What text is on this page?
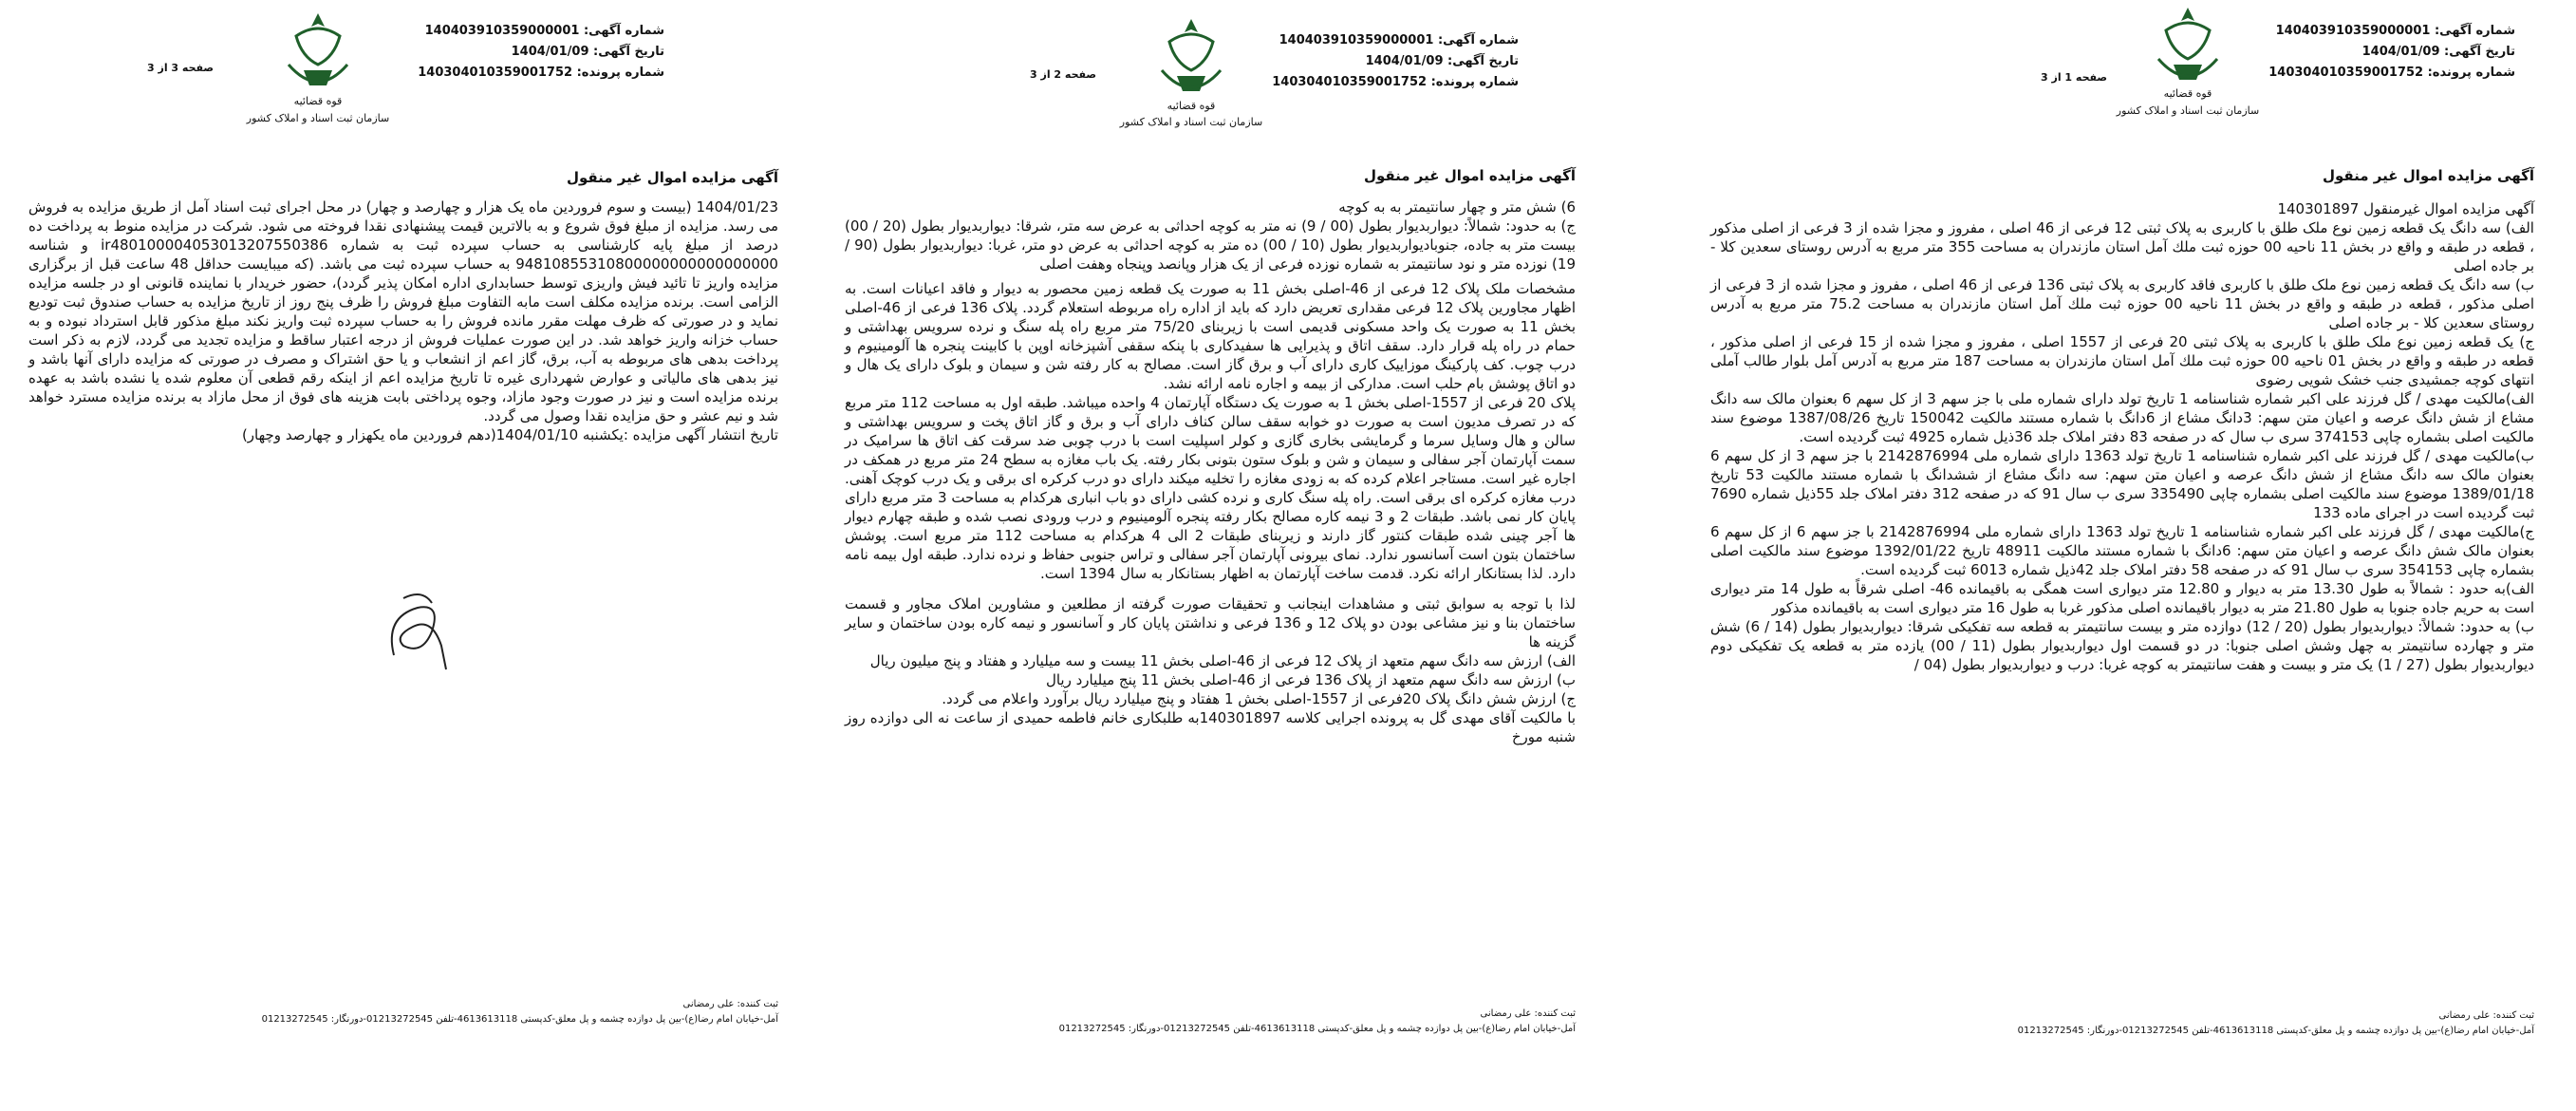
سازمان ثبت اسناد و املاک کشور
قوه قضائیه
شماره آگهی: 140403910359000001
تاریخ آگهی: 1404/01/09
شماره پرونده: 140304010359001752
صفحه 3 از 3
آگهی مزایده اموال غیر منقول

1404/01/23 (بیست و سوم فروردین ماه یک هزار و چهارصد و چهار) در محل اجرای ثبت اسناد آمل از طریق مزایده به فروش می رسد. مزایده از مبلغ فوق شروع و به بالاترین قیمت پیشنهادی نقدا فروخته می شود. شرکت در مزایده منوط به پرداخت ده درصد از مبلغ پایه کارشناسی به حساب سپرده ثبت به شماره ir480100004053013207550386 و شناسه 94810855310800000000000000000 به حساب سپرده ثبت می باشد. (که میبایست حداقل 48 ساعت قبل از برگزاری مزایده واریز تا تائید فیش واریزی توسط حسابداری اداره امکان پذیر گردد)، حضور خریدار با نماینده قانونی او در جلسه مزایده الزامی است. برنده مزایده مکلف است مابه التفاوت مبلغ فروش را ظرف پنج روز از تاریخ مزایده به حساب صندوق ثبت تودیع نماید و در صورتی که ظرف مهلت مقرر مانده فروش را به حساب سپرده ثبت واریز نکند مبلغ مذکور قابل استرداد نبوده و به حساب خزانه واریز خواهد شد. در این صورت عملیات فروش از درجه اعتبار ساقط و مزایده تجدید می گردد، لازم به ذکر است پرداخت بدهی های مربوطه به آب، برق، گاز اعم از انشعاب و یا حق اشتراک و مصرف در صورتی که مزایده دارای آنها باشد و نیز بدهی های مالیاتی و عوارض شهرداری غیره تا تاریخ مزایده اعم از اینکه رقم قطعی آن معلوم شده یا نشده باشد به عهده برنده مزایده است و نیز در صورت وجود مازاد، وجوه پرداختی بابت هزینه های فوق از محل مازاد به برنده مزایده مسترد خواهد شد و نیم عشر و حق مزایده نقدا وصول می گردد.

تاریخ انتشار آگهی مزایده :یکشنبه 1404/01/10(دهم فروردین ماه یکهزار و چهارصد وچهار)

ثبت کننده: علی رمضانی
آمل-خیابان امام رضا(ع)-بین پل دوازده چشمه و پل معلق-کدپستی 4613613118-تلفن 01213272545-دورنگار: 01213272545
قوه قضائیه
سازمان ثبت اسناد و املاک کشور
شماره آگهی: 140403910359000001
تاریخ آگهی: 1404/01/09
شماره پرونده: 140304010359001752
صفحه 2 از 3
آگهی مزایده اموال غیر منقول

6) شش متر و چهار سانتیمتر به به کوچه

ج) به حدود: شمالاً: دیواربدیوار بطول (00 / 9) نه متر به کوچه احداثی به عرض سه متر، شرقا: دیواربدیوار بطول (20 / 00) بیست متر به جاده، جنوبادیواربدیوار بطول (10 / 00) ده متر به کوچه احداثی به عرض دو متر، غربا: دیواربدیوار بطول (90 / 19) نوزده متر و نود سانتیمتر به شماره نوزده فرعی از یک هزار وپانصد وپنجاه وهفت اصلی

مشخصات ملک پلاک 12 فرعی از 46-اصلی بخش 11 به صورت یک قطعه زمین محصور به دیوار و فاقد اعیانات است. به اظهار مجاورین پلاک 12 فرعی مقداری تعریض دارد که باید از اداره راه مربوطه استعلام گردد. پلاک 136 فرعی از 46-اصلی بخش 11 به صورت یک واحد مسکونی قدیمی است با زیربنای 75/20 متر مربع راه پله سنگ و نرده سرویس بهداشتی و حمام در راه پله قرار دارد. سقف اتاق و پذیرایی ها سفیدکاری با پنکه سقفی آشپزخانه اوپن با کابینت پنجره ها آلومینیوم و درب چوب. کف پارکینگ موزاییک کاری دارای آب و برق گاز است. مصالح به کار رفته شن و سیمان و بلوک دارای یک هال و دو اتاق پوشش بام حلب است. مدارکی از بیمه و اجاره نامه ارائه نشد.

پلاک 20 فرعی از 1557-اصلی بخش 1 به صورت یک دستگاه آپارتمان 4 واحده میباشد. طبقه اول به مساحت 112 متر مربع که در تصرف مدیون است به صورت دو خوابه سقف سالن کناف دارای آب و برق و گاز اتاق پخت و سرویس بهداشتی و سالن و هال وسایل سرما و گرمایشی بخاری گازی و کولر اسپلیت است با درب چوبی ضد سرقت کف اتاق ها سرامیک در سمت آپارتمان آجر سفالی و سیمان و شن و بلوک ستون بتونی بکار رفته. یک باب مغازه به سطح 24 متر مربع در همکف در اجاره غیر است. مستاجر اعلام کرده که به زودی مغازه را تخلیه میکند دارای دو درب کرکره ای برقی و یک درب کوچک آهنی. درب مغازه کرکره ای برقی است. راه پله سنگ کاری و نرده کشی دارای دو باب انباری هرکدام به مساحت 3 متر مربع دارای پایان کار نمی باشد. طبقات 2 و 3 نیمه کاره مصالح بکار رفته پنجره آلومینیوم و درب ورودی نصب شده و طبقه چهارم دیوار ها آجر چینی شده طبقات کنتور گاز دارند و زیربنای طبقات 2 الی 4 هرکدام به مساحت 112 متر مربع است. پوشش ساختمان بتون است آسانسور ندارد. نمای بیرونی آپارتمان آجر سفالی و تراس جنوبی حفاظ و نرده ندارد. طبقه اول بیمه نامه دارد. لذا بستانکار ارائه نکرد. قدمت ساخت آپارتمان به اظهار بستانکار به سال 1394 است.

لذا با توجه به سوابق ثبتی و مشاهدات اینجانب و تحقیقات صورت گرفته از مطلعین و مشاورین املاک مجاور و قسمت ساختمان بنا و نیز مشاعی بودن دو پلاک 12 و 136 فرعی و نداشتن پایان کار و آسانسور و نیمه کاره بودن ساختمان و سایر گزینه ها

الف) ارزش سه دانگ سهم متعهد از پلاک 12 فرعی از 46-اصلی بخش 11 بیست و سه میلیارد و هفتاد و پنج میلیون ریال

ب) ارزش سه دانگ سهم متعهد از پلاک 136 فرعی از 46-اصلی بخش 11 پنج میلیارد ریال

ج) ارزش شش دانگ پلاک 20فرعی از 1557-اصلی بخش 1 هفتاد و پنج میلیارد ریال برآورد واعلام می گردد.

با مالکیت آقای مهدی گل به پرونده اجرایی کلاسه 140301897به طلبکاری خانم فاطمه حمیدی از ساعت نه الی دوازده روز شنبه مورخ

ثبت کننده: علی رمضانی
آمل-خیابان امام رضا(ع)-بین پل دوازده چشمه و پل معلق-کدپستی 4613613118-تلفن 01213272545-دورنگار: 01213272545
قوه قضائیه
سازمان ثبت اسناد و املاک کشور
شماره آگهی: 140403910359000001
تاریخ آگهی: 1404/01/09
شماره پرونده: 140304010359001752
صفحه 1 از 3
آگهی مزایده اموال غیر منقول

آگهی مزایده اموال غیرمنقول 140301897

الف) سه دانگ یک قطعه زمین نوع ملک طلق با کاربری به پلاک ثبتی 12 فرعی از 46 اصلی ، مفروز و مجزا شده از 3 فرعی از اصلی مذکور ، قطعه در طبقه و واقع در بخش 11 ناحیه 00 حوزه ثبت ملك آمل استان مازندران به مساحت 355 متر مربع به آدرس روستای سعدین کلا - بر جاده اصلی

ب) سه دانگ یک قطعه زمین نوع ملک طلق با کاربری فاقد کاربری به پلاک ثبتی 136 فرعی از 46 اصلی ، مفروز و مجزا شده از 3 فرعی از اصلی مذکور ، قطعه در طبقه و واقع در بخش 11 ناحیه 00 حوزه ثبت ملك آمل استان مازندران به مساحت 75.2 متر مربع به آدرس روستای سعدین کلا - بر جاده اصلی

ج) یک قطعه زمین نوع ملک طلق با کاربری به پلاک ثبتی 20 فرعی از 1557 اصلی ، مفروز و مجزا شده از 15 فرعی از اصلی مذکور ، قطعه در طبقه و واقع در بخش 01 ناحیه 00 حوزه ثبت ملك آمل استان مازندران به مساحت 187 متر مربع به آدرس آمل بلوار طالب آملی انتهای کوچه جمشیدی جنب خشک شویی رضوی

الف)مالکیت مهدی / گل فرزند علی اکبر شماره شناسنامه 1 تاریخ تولد دارای شماره ملی با جز سهم 3 از کل سهم 6 بعنوان مالک سه دانگ مشاع از شش دانگ عرصه و اعیان متن سهم: 3دانگ مشاع از 6دانگ با شماره مستند مالکیت 150042 تاریخ 1387/08/26 موضوع سند مالکیت اصلی بشماره چاپی 374153 سری ب سال که در صفحه 83 دفتر املاک جلد 36ذیل شماره 4925 ثبت گردیده است.

ب)مالکیت مهدی / گل فرزند علی اکبر شماره شناسنامه 1 تاریخ تولد 1363 دارای شماره ملی 2142876994 با جز سهم 3 از کل سهم 6 بعنوان مالک سه دانگ مشاع از شش دانگ عرصه و اعیان متن سهم: سه دانگ مشاع از ششدانگ با شماره مستند مالکیت 53 تاریخ 1389/01/18 موضوع سند مالکیت اصلی بشماره چاپی 335490 سری ب سال 91 که در صفحه 312 دفتر املاک جلد 55ذیل شماره 7690 ثبت گردیده است در اجرای ماده 133

ج)مالکیت مهدی / گل فرزند علی اکبر شماره شناسنامه 1 تاریخ تولد 1363 دارای شماره ملی 2142876994 با جز سهم 6 از کل سهم 6 بعنوان مالک شش دانگ عرصه و اعیان متن سهم: 6دانگ با شماره مستند مالکیت 48911 تاریخ 1392/01/22 موضوع سند مالکیت اصلی بشماره چاپی 354153 سری ب سال 91 که در صفحه 58 دفتر املاک جلد 42ذیل شماره 6013 ثبت گردیده است.

الف)به حدود : شمالاً به طول 13.30 متر به دیوار و 12.80 متر دیواری است همگی به باقیمانده 46- اصلی شرقاً به طول 14 متر دیواری است به حریم جاده جنوبا به طول 21.80 متر به دیوار باقیمانده اصلی مذکور غربا به طول 16 متر دیواری است به باقیمانده مذکور

ب) به حدود: شمالاً: دیواربدیوار بطول (20 / 12) دوازده متر و بیست سانتیمتر به قطعه سه تفکیکی شرقا: دیواربدیوار بطول (14 / 6) شش متر و چهارده سانتیمتر به چهل وشش اصلی جنوبا: در دو قسمت اول دیواربدیوار بطول (11 / 00) یازده متر به قطعه یک تفکیکی دوم دیواربدیوار بطول (27 / 1) یک متر و بیست و هفت سانتیمتر به کوچه غربا: درب و دیواربدیوار بطول (04 /

ثبت کننده: علی رمضانی
آمل-خیابان امام رضا(ع)-بین پل دوازده چشمه و پل معلق-کدپستی 4613613118-تلفن 01213272545-دورنگار: 01213272545
